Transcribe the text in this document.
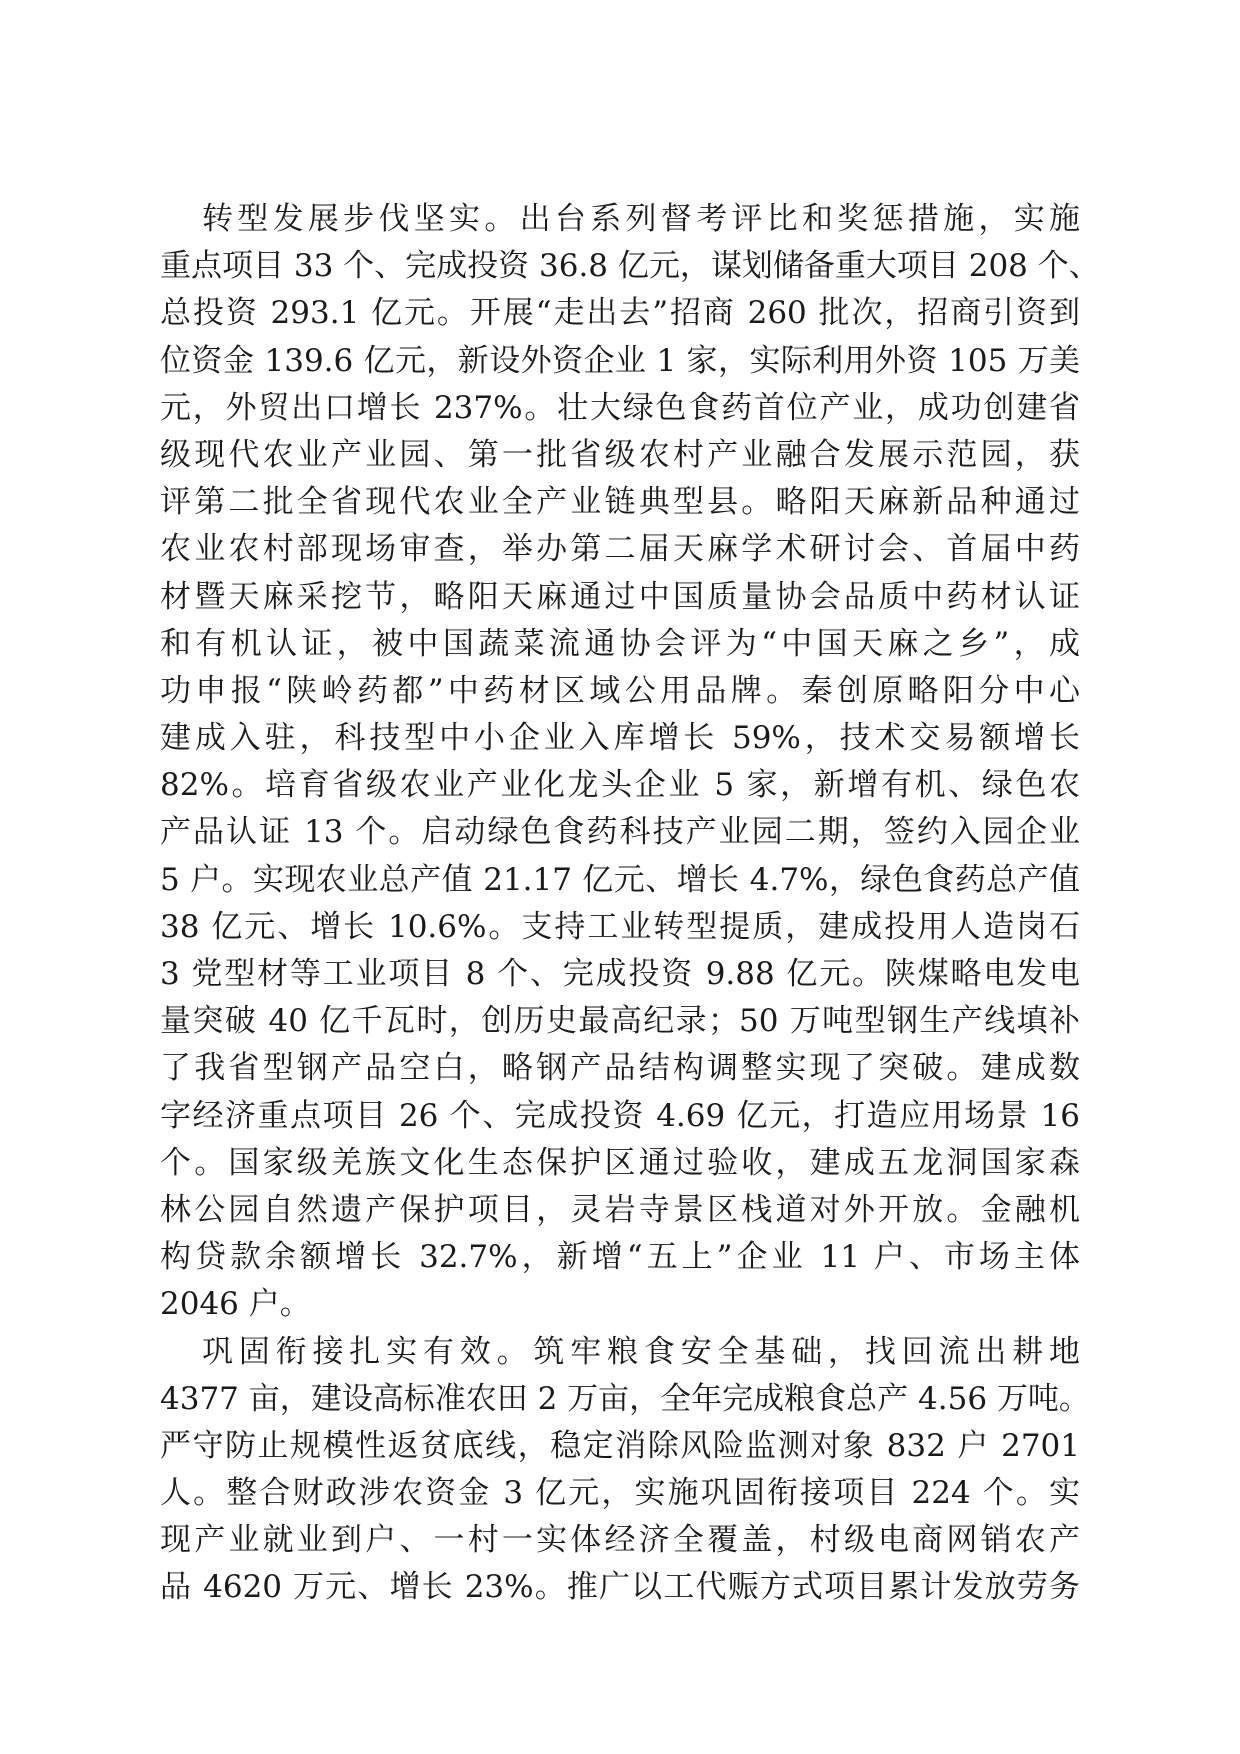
转型发展步伐坚实。出台系列督考评比和奖惩措施，实施
重点项目 33 个、完成投资 36.8 亿元，谋划储备重大项目 208 个、
总投资 293.1 亿元。开展“走出去”招商 260 批次，招商引资到
位资金 139.6 亿元，新设外资企业 1 家，实际利用外资 105 万美
元，外贸出口增长 237%。壮大绿色食药首位产业，成功创建省
级现代农业产业园、第一批省级农村产业融合发展示范园，获
评第二批全省现代农业全产业链典型县。略阳天麻新品种通过
农业农村部现场审查，举办第二届天麻学术研讨会、首届中药
材暨天麻采挖节，略阳天麻通过中国质量协会品质中药材认证
和有机认证，被中国蔬菜流通协会评为“中国天麻之乡”，成
功申报“陕岭药都”中药材区域公用品牌。秦创原略阳分中心
建成入驻，科技型中小企业入库增长 59%，技术交易额增长
82%。培育省级农业产业化龙头企业 5 家，新增有机、绿色农
产品认证 13 个。启动绿色食药科技产业园二期，签约入园企业
5 户。实现农业总产值 21.17 亿元、增长 4.7%，绿色食药总产值
38 亿元、增长 10.6%。支持工业转型提质，建成投用人造岗石
3 党型材等工业项目 8 个、完成投资 9.88 亿元。陕煤略电发电
量突破 40 亿千瓦时，创历史最高纪录；50 万吨型钢生产线填补
了我省型钢产品空白，略钢产品结构调整实现了突破。建成数
字经济重点项目 26 个、完成投资 4.69 亿元，打造应用场景 16
个。国家级羌族文化生态保护区通过验收，建成五龙洞国家森
林公园自然遗产保护项目，灵岩寺景区栈道对外开放。金融机
构贷款余额增长 32.7%，新增“五上”企业 11 户、市场主体
2046 户。
巩固衔接扎实有效。筑牢粮食安全基础，找回流出耕地
4377 亩，建设高标准农田 2 万亩，全年完成粮食总产 4.56 万吨。
严守防止规模性返贫底线，稳定消除风险监测对象 832 户 2701
人。整合财政涉农资金 3 亿元，实施巩固衔接项目 224 个。实
现产业就业到户、一村一实体经济全覆盖，村级电商网销农产
品 4620 万元、增长 23%。推广以工代赈方式项目累计发放劳务
